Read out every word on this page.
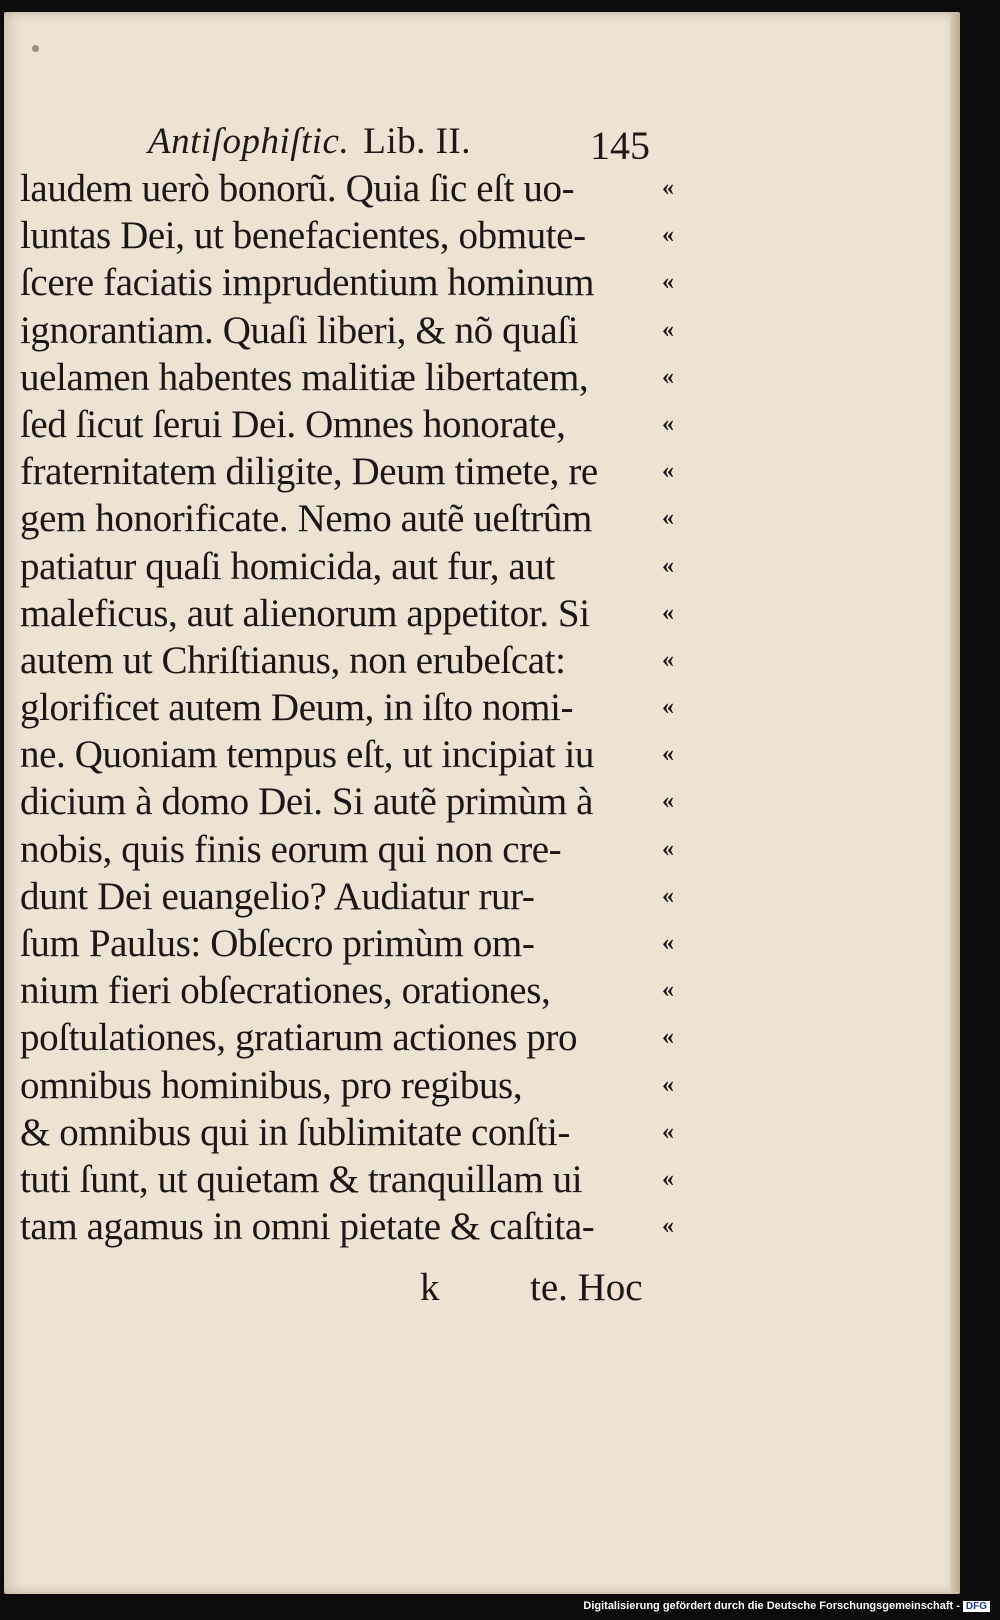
Antiſophiſtic. Lib. II.	145
laudem uerò bonorũ. Quia ſic eſt uo-	«
luntas Dei, ut benefacientes, obmute-	«
ſcere faciatis imprudentium hominum	«
ignorantiam. Quaſi liberi, & nõ quaſi	«
uelamen habentes malitiæ libertatem,	«
ſed ſicut ſerui Dei. Omnes honorate,	«
fraternitatem diligite, Deum timete, re	«
gem honorificate. Nemo autẽ ueſtrûm	«
patiatur quaſi homicida, aut fur, aut	«
maleficus, aut alienorum appetitor. Si	«
autem ut Chriſtianus, non erubeſcat:	«
glorificet autem Deum, in iſto nomi-	«
ne. Quoniam tempus eſt, ut incipiat iu	«
dicium à domo Dei. Si autẽ primùm à	«
nobis, quis finis eorum qui non cre-	«
dunt Dei euangelio? Audiatur rur-	«
ſum Paulus: Obſecro primùm om-	«
nium fieri obſecrationes, orationes,	«
poſtulationes, gratiarum actiones pro	«
omnibus hominibus, pro regibus,	«
& omnibus qui in ſublimitate conſti-	«
tuti ſunt, ut quietam & tranquillam ui	«
tam agamus in omni pietate & caſtita-	«
k te. Hoc
Digitalisierung gefördert durch die Deutsche Forschungsgemeinschaft - DFG
